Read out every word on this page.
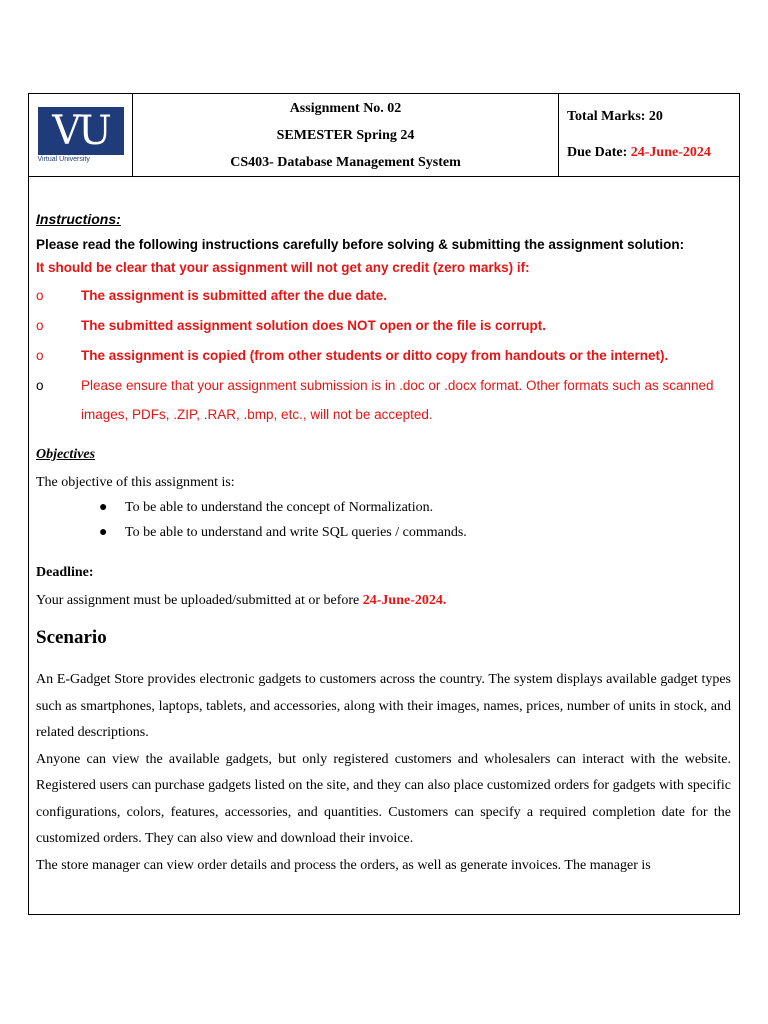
VU
Virtual University
Assignment No. 02
SEMESTER Spring 24
CS403- Database Management System
Total Marks: 20
Due Date: 24-June-2024
Instructions:
Please read the following instructions carefully before solving & submitting the assignment solution:
It should be clear that your assignment will not get any credit (zero marks) if:
o	The assignment is submitted after the due date.
o	The submitted assignment solution does NOT open or the file is corrupt.
o	The assignment is copied (from other students or ditto copy from handouts or the internet).
o	Please ensure that your assignment submission is in .doc or .docx format. Other formats such as scanned images, PDFs, .ZIP, .RAR, .bmp, etc., will not be accepted.
Objectives
The objective of this assignment is:
●	To be able to understand the concept of Normalization.
●	To be able to understand and write SQL queries / commands.
Deadline:
Your assignment must be uploaded/submitted at or before 24-June-2024.
Scenario

An E-Gadget Store provides electronic gadgets to customers across the country. The system displays available gadget types such as smartphones, laptops, tablets, and accessories, along with their images, names, prices, number of units in stock, and related descriptions.

Anyone can view the available gadgets, but only registered customers and wholesalers can interact with the website. Registered users can purchase gadgets listed on the site, and they can also place customized orders for gadgets with specific configurations, colors, features, accessories, and quantities. Customers can specify a required completion date for the customized orders. They can also view and download their invoice.

The store manager can view order details and process the orders, as well as generate invoices. The manager is
